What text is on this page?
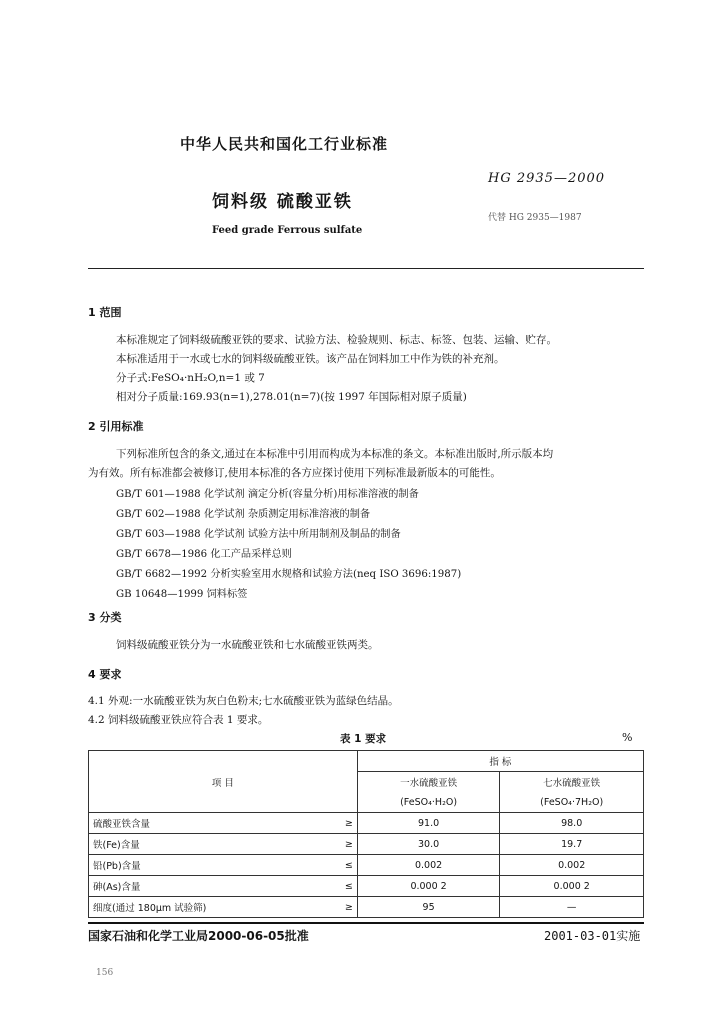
中华人民共和国化工行业标准
HG 2935—2000
饲料级 硫酸亚铁
代替 HG 2935—1987
Feed grade Ferrous sulfate
1 范围
本标准规定了饲料级硫酸亚铁的要求、试验方法、检验规则、标志、标签、包装、运输、贮存。
本标准适用于一水或七水的饲料级硫酸亚铁。该产品在饲料加工中作为铁的补充剂。
分子式:FeSO₄·nH₂O,n=1 或 7
相对分子质量:169.93(n=1),278.01(n=7)(按 1997 年国际相对原子质量)
2 引用标准
下列标准所包含的条文,通过在本标准中引用而构成为本标准的条文。本标准出版时,所示版本均
为有效。所有标准都会被修订,使用本标准的各方应探讨使用下列标准最新版本的可能性。
GB/T 601—1988 化学试剂 滴定分析(容量分析)用标准溶液的制备
GB/T 602—1988 化学试剂 杂质测定用标准溶液的制备
GB/T 603—1988 化学试剂 试验方法中所用制剂及制品的制备
GB/T 6678—1986 化工产品采样总则
GB/T 6682—1992 分析实验室用水规格和试验方法(neq ISO 3696:1987)
GB 10648—1999 饲料标签
3 分类
饲料级硫酸亚铁分为一水硫酸亚铁和七水硫酸亚铁两类。
4 要求
4.1 外观:一水硫酸亚铁为灰白色粉末;七水硫酸亚铁为蓝绿色结晶。
4.2 饲料级硫酸亚铁应符合表 1 要求。
表 1 要求	%
项 目		指 标	
		一水硫酸亚铁	七水硫酸亚铁
		(FeSO₄·H₂O)	(FeSO₄·7H₂O)
硫酸亚铁含量	≥	91.0	98.0
铁(Fe)含量	≥	30.0	19.7
铅(Pb)含量	≤	0.002	0.002
砷(As)含量	≤	0.000 2	0.000 2
细度(通过 180μm 试验筛)	≥	95	—
国家石油和化学工业局2000-06-05批准	2001-03-01实施
156
